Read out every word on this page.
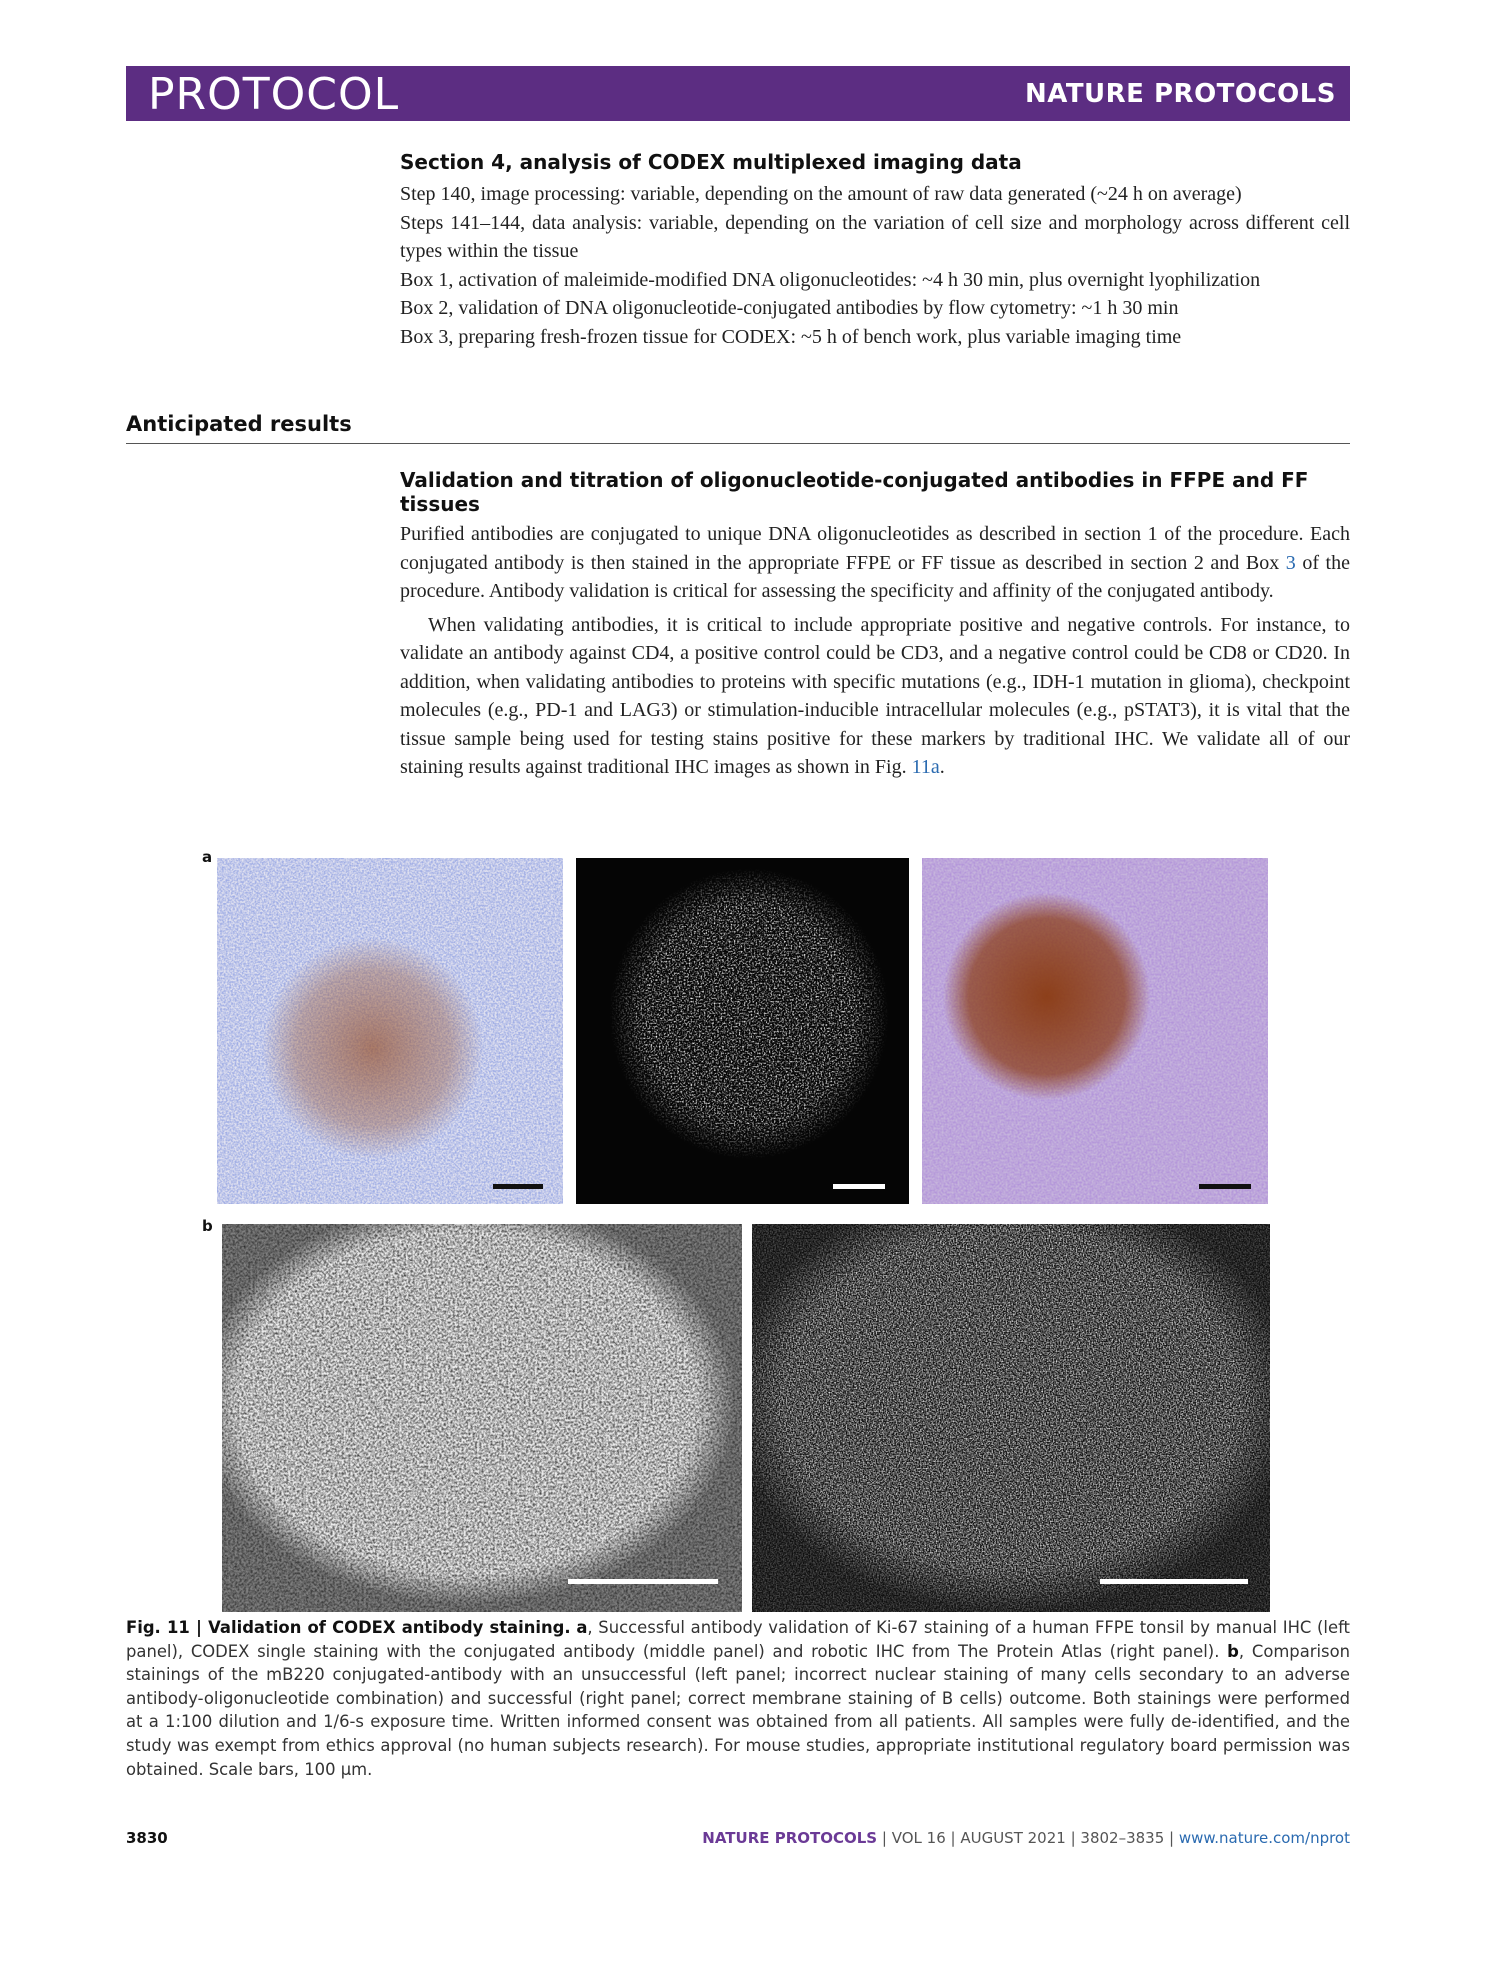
PROTOCOL	NATURE PROTOCOLS
Section 4, analysis of CODEX multiplexed imaging data
Step 140, image processing: variable, depending on the amount of raw data generated (~24 h on average)
Steps 141–144, data analysis: variable, depending on the variation of cell size and morphology across different cell types within the tissue
Box 1, activation of maleimide-modified DNA oligonucleotides: ~4 h 30 min, plus overnight lyophilization
Box 2, validation of DNA oligonucleotide-conjugated antibodies by flow cytometry: ~1 h 30 min
Box 3, preparing fresh-frozen tissue for CODEX: ~5 h of bench work, plus variable imaging time
Anticipated results
Validation and titration of oligonucleotide-conjugated antibodies in FFPE and FF tissues

Purified antibodies are conjugated to unique DNA oligonucleotides as described in section 1 of the procedure. Each conjugated antibody is then stained in the appropriate FFPE or FF tissue as described in section 2 and Box 3 of the procedure. Antibody validation is critical for assessing the specificity and affinity of the conjugated antibody.

When validating antibodies, it is critical to include appropriate positive and negative controls. For instance, to validate an antibody against CD4, a positive control could be CD3, and a negative control could be CD8 or CD20. In addition, when validating antibodies to proteins with specific mutations (e.g., IDH-1 mutation in glioma), checkpoint molecules (e.g., PD-1 and LAG3) or stimulation-inducible intracellular molecules (e.g., pSTAT3), it is vital that the tissue sample being used for testing stains positive for these markers by traditional IHC. We validate all of our staining results against traditional IHC images as shown in Fig. 11a.

a
b
Fig. 11 | Validation of CODEX antibody staining. a, Successful antibody validation of Ki-67 staining of a human FFPE tonsil by manual IHC (left panel), CODEX single staining with the conjugated antibody (middle panel) and robotic IHC from The Protein Atlas (right panel). b, Comparison stainings of the mB220 conjugated-antibody with an unsuccessful (left panel; incorrect nuclear staining of many cells secondary to an adverse antibody-oligonucleotide combination) and successful (right panel; correct membrane staining of B cells) outcome. Both stainings were performed at a 1:100 dilution and 1/6-s exposure time. Written informed consent was obtained from all patients. All samples were fully de-identified, and the study was exempt from ethics approval (no human subjects research). For mouse studies, appropriate institutional regulatory board permission was obtained. Scale bars, 100 μm.
3830	NATURE PROTOCOLS | VOL 16 | AUGUST 2021 | 3802–3835 | www.nature.com/nprot
